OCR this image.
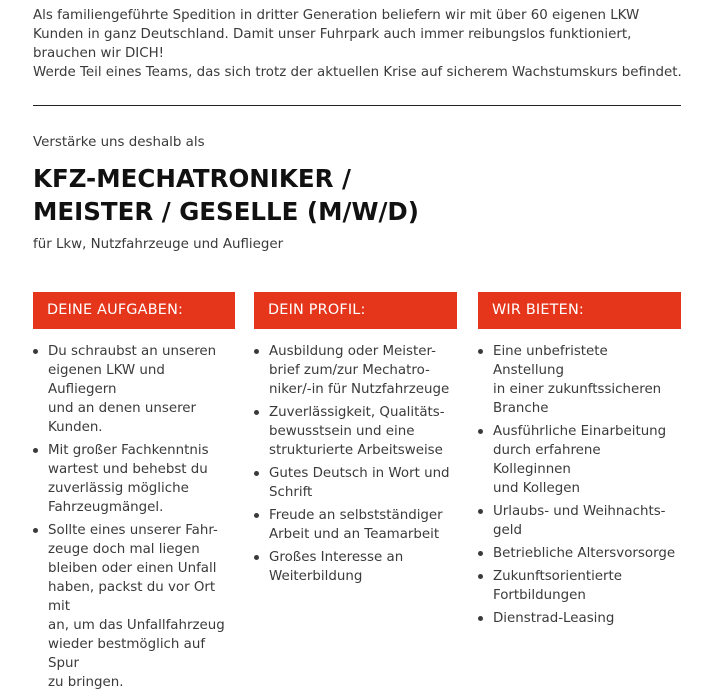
Als familiengeführte Spedition in dritter Generation beliefern wir mit über 60 eigenen LKW Kunden in ganz Deutschland. Damit unser Fuhrpark auch immer reibungslos funktioniert, brauchen wir DICH!

Werde Teil eines Teams, das sich trotz der aktuellen Krise auf sicherem Wachstumskurs befindet.

Verstärke uns deshalb als
KFZ-MECHATRONIKER /
MEISTER / GESELLE (M/W/D)
für Lkw, Nutzfahrzeuge und Auflieger
DEINE AUFGABEN:
Du schraubst an unseren
eigenen LKW und Aufliegern
und an denen unserer
Kunden.
Mit großer Fachkenntnis
wartest und behebst du
zuverlässig mögliche
Fahrzeugmängel.
Sollte eines unserer Fahr-
zeuge doch mal liegen
bleiben oder einen Unfall
haben, packst du vor Ort mit
an, um das Unfallfahrzeug
wieder bestmöglich auf Spur
zu bringen.
DEIN PROFIL:
Ausbildung oder Meister-
brief zum/zur Mechatro-
niker/-in für Nutzfahrzeuge
Zuverlässigkeit, Qualitäts-
bewusstsein und eine
strukturierte Arbeitsweise
Gutes Deutsch in Wort und
Schrift
Freude an selbstständiger
Arbeit und an Teamarbeit
Großes Interesse an
Weiterbildung
WIR BIETEN:
Eine unbefristete Anstellung
in einer zukunftssicheren
Branche
Ausführliche Einarbeitung
durch erfahrene Kolleginnen
und Kollegen
Urlaubs- und Weihnachts-
geld
Betriebliche Altersvorsorge
Zukunftsorientierte
Fortbildungen
Dienstrad-Leasing
